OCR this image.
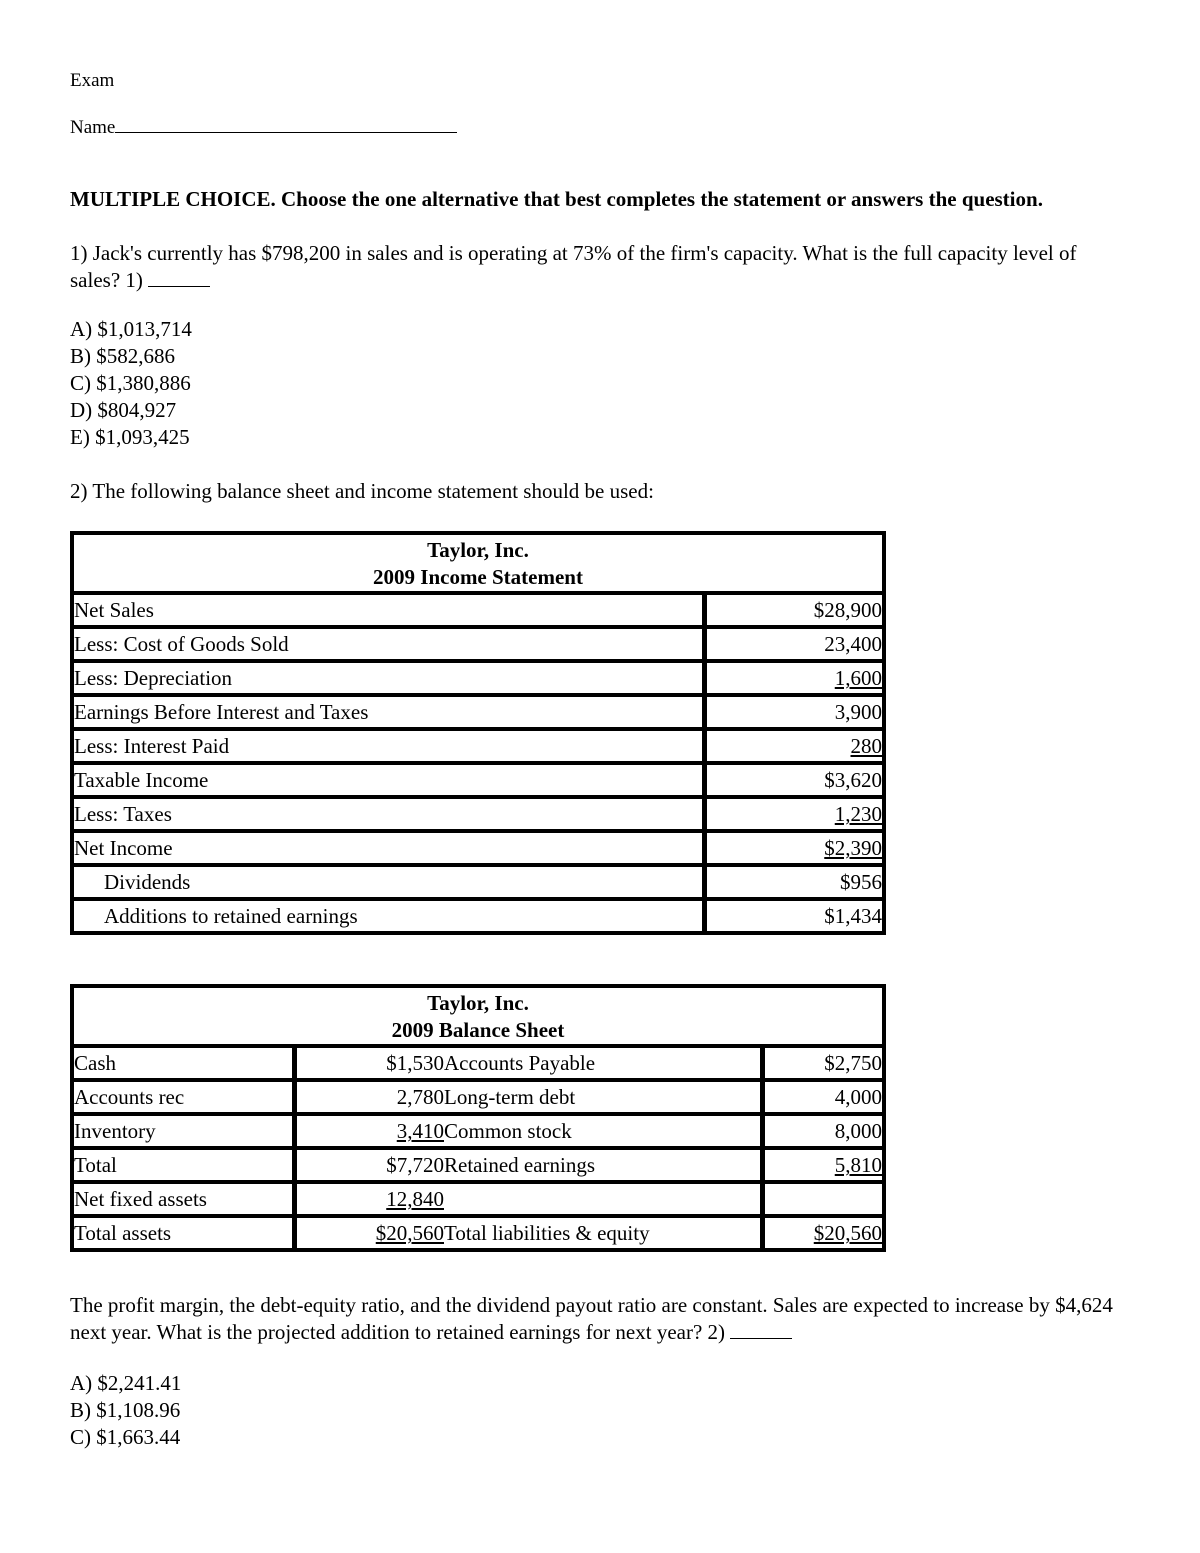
Exam
Name
MULTIPLE CHOICE. Choose the one alternative that best completes the statement or answers the question.
1) Jack's currently has $798,200 in sales and is operating at 73% of the firm's capacity. What is the full capacity level of sales? 1)
A) $1,013,714
B) $582,686
C) $1,380,886
D) $804,927
E) $1,093,425
2) The following balance sheet and income statement should be used:
Taylor, Inc.
2009 Income Statement	

Net Sales	$28,900
Less: Cost of Goods Sold	23,400
Less: Depreciation	1,600
Earnings Before Interest and Taxes	3,900
Less: Interest Paid	280
Taxable Income	$3,620
Less: Taxes	1,230
Net Income	$2,390
Dividends	$956
Additions to retained earnings	$1,434
Taylor, Inc.
2009 Balance Sheet			

Cash	$1,530	Accounts Payable	$2,750
Accounts rec	2,780	Long-term debt	4,000
Inventory	3,410	Common stock	8,000
Total	$7,720	Retained earnings	5,810
Net fixed assets	12,840		
Total assets	$20,560	Total liabilities & equity	$20,560
The profit margin, the debt-equity ratio, and the dividend payout ratio are constant. Sales are expected to increase by $4,624 next year. What is the projected addition to retained earnings for next year? 2)
A) $2,241.41
B) $1,108.96
C) $1,663.44
